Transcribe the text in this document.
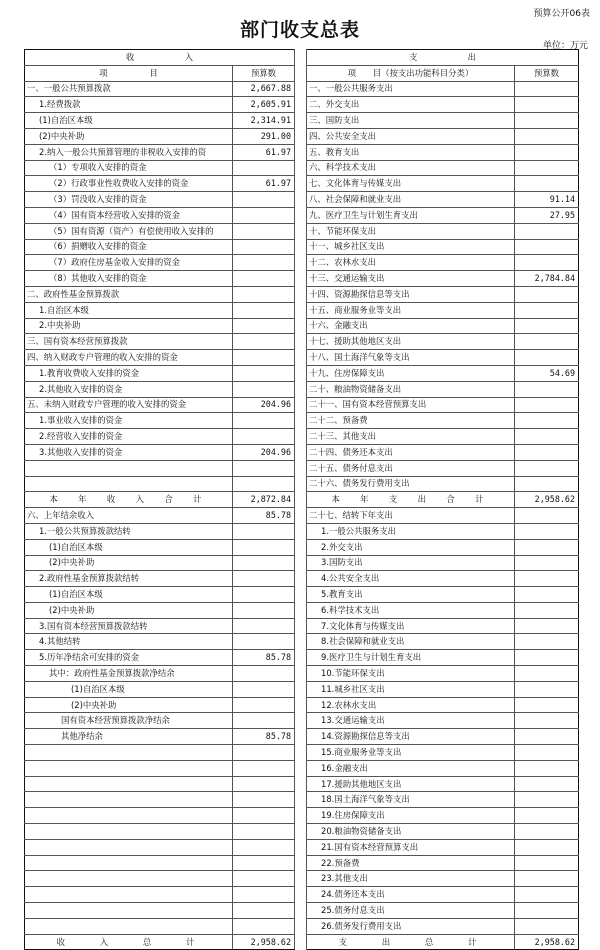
预算公开06表
部门收支总表
单位：万元
收　　　　　　入			支　　　　　　出	
项　　　　　目	预算数		项　　目（按支出功能科目分类）	预算数
一、一般公共预算拨款	2,667.88		一、一般公共服务支出	
1.经费拨款	2,605.91		二、外交支出	
(1)自治区本级	2,314.91		三、国防支出	
(2)中央补助	291.00		四、公共安全支出	
2.纳入一般公共预算管理的非税收入安排的资	61.97		五、教育支出	
（1）专项收入安排的资金			六、科学技术支出	
（2）行政事业性收费收入安排的资金	61.97		七、文化体育与传媒支出	
（3）罚没收入安排的资金			八、社会保障和就业支出	91.14
（4）国有资本经营收入安排的资金			九、医疗卫生与计划生育支出	27.95
（5）国有资源（资产）有偿使用收入安排的			十、节能环保支出	
（6）捐赠收入安排的资金			十一、城乡社区支出	
（7）政府住房基金收入安排的资金			十二、农林水支出	
（8）其他收入安排的资金			十三、交通运输支出	2,784.84
二、政府性基金预算拨款			十四、资源勘探信息等支出	
1.自治区本级			十五、商业服务业等支出	
2.中央补助			十六、金融支出	
三、国有资本经营预算拨款			十七、援助其他地区支出	
四、纳入财政专户管理的收入安排的资金			十八、国土海洋气象等支出	
1.教育收费收入安排的资金			十九、住房保障支出	54.69
2.其他收入安排的资金			二十、粮油物资储备支出	
五、未纳入财政专户管理的收入安排的资金	204.96		二十一、国有资本经营预算支出	
1.事业收入安排的资金			二十二、预备费	
2.经营收入安排的资金			二十三、其他支出	
3.其他收入安排的资金	204.96		二十四、债务还本支出	
			二十五、债务付息支出	
			二十六、债务发行费用支出	
本　年　收　入　合　计	2,872.84		本　年　支　出　合　计	2,958.62
六、上年结余收入	85.78		二十七、结转下年支出	
1.一般公共预算拨款结转			1.一般公共服务支出	
(1)自治区本级			2.外交支出	
(2)中央补助			3.国防支出	
2.政府性基金预算拨款结转			4.公共安全支出	
(1)自治区本级			5.教育支出	
(2)中央补助			6.科学技术支出	
3.国有资本经营预算拨款结转			7.文化体育与传媒支出	
4.其他结转			8.社会保障和就业支出	
5.历年净结余可安排的资金	85.78		9.医疗卫生与计划生育支出	
其中：政府性基金预算拨款净结余			10.节能环保支出	
(1)自治区本级			11.城乡社区支出	
(2)中央补助			12.农林水支出	
国有资本经营预算拨款净结余			13.交通运输支出	
其他净结余	85.78		14.资源勘探信息等支出	
			15.商业服务业等支出	
			16.金融支出	
			17.援助其他地区支出	
			18.国土海洋气象等支出	
			19.住房保障支出	
			20.粮油物资储备支出	
			21.国有资本经营预算支出	
			22.预备费	
			23.其他支出	
			24.债务还本支出	
			25.债务付息支出	
			26.债务发行费用支出	
收　　入　　总　　计	2,958.62		支　　出　　总　　计	2,958.62
